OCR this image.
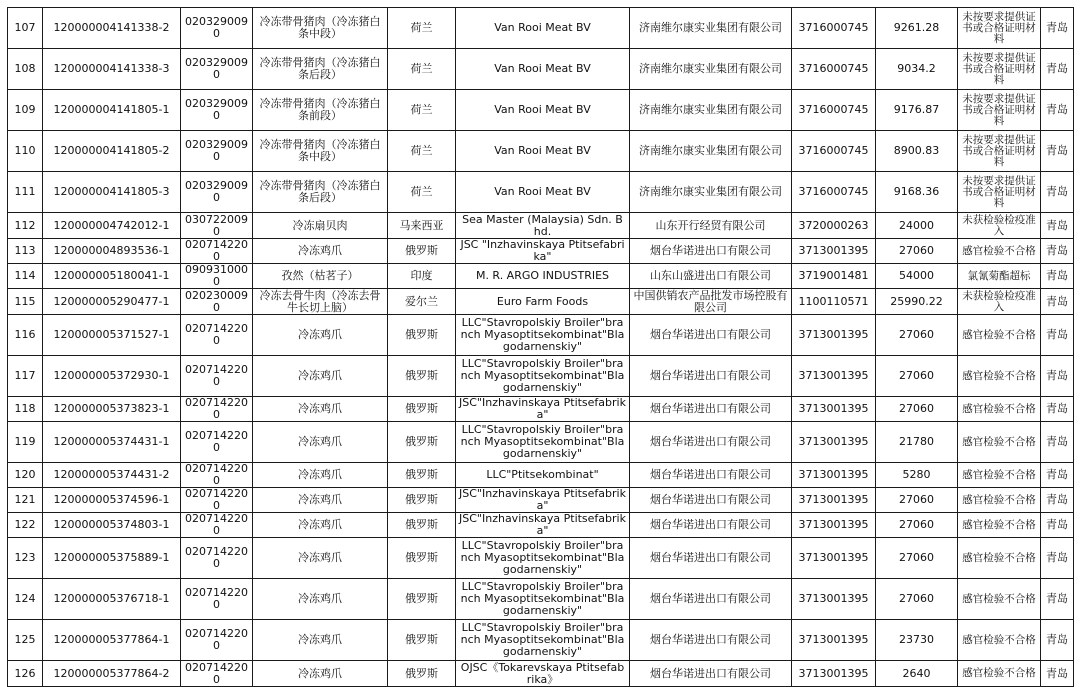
107	120000004141338-2	0203290090	冷冻带骨猪肉（冷冻猪白条中段）	荷兰	Van Rooi Meat BV	济南维尔康实业集团有限公司	3716000745	9261.28	未按要求提供证书或合格证明材料	青岛
108	120000004141338-3	0203290090	冷冻带骨猪肉（冷冻猪白条后段）	荷兰	Van Rooi Meat BV	济南维尔康实业集团有限公司	3716000745	9034.2	未按要求提供证书或合格证明材料	青岛
109	120000004141805-1	0203290090	冷冻带骨猪肉（冷冻猪白条前段）	荷兰	Van Rooi Meat BV	济南维尔康实业集团有限公司	3716000745	9176.87	未按要求提供证书或合格证明材料	青岛
110	120000004141805-2	0203290090	冷冻带骨猪肉（冷冻猪白条中段）	荷兰	Van Rooi Meat BV	济南维尔康实业集团有限公司	3716000745	8900.83	未按要求提供证书或合格证明材料	青岛
111	120000004141805-3	0203290090	冷冻带骨猪肉（冷冻猪白条后段）	荷兰	Van Rooi Meat BV	济南维尔康实业集团有限公司	3716000745	9168.36	未按要求提供证书或合格证明材料	青岛
112	120000004742012-1	0307220090	冷冻扇贝肉	马来西亚	Sea Master (Malaysia) Sdn. Bhd.	山东开行经贸有限公司	3720000263	24000	未获检验检疫准入	青岛
113	120000004893536-1	0207142200	冷冻鸡爪	俄罗斯	JSC "Inzhavinskaya Ptitsefabrika"	烟台华诺进出口有限公司	3713001395	27060	感官检验不合格	青岛
114	120000005180041-1	0909310000	孜然（枯茗子）	印度	M. R. ARGO INDUSTRIES	山东山盛进出口有限公司	3719001481	54000	氯氰菊酯超标	青岛
115	120000005290477-1	0202300090	冷冻去骨牛肉（冷冻去骨牛长切上脑）	爱尔兰	Euro Farm Foods	中国供销农产品批发市场控股有限公司	1100110571	25990.22	未获检验检疫准入	青岛
116	120000005371527-1	0207142200	冷冻鸡爪	俄罗斯	LLC"Stavropolskiy Broiler"branch Myasoptitsekombinat"Blagodarnenskiy"	烟台华诺进出口有限公司	3713001395	27060	感官检验不合格	青岛
117	120000005372930-1	0207142200	冷冻鸡爪	俄罗斯	LLC"Stavropolskiy Broiler"branch Myasoptitsekombinat"Blagodarnenskiy"	烟台华诺进出口有限公司	3713001395	27060	感官检验不合格	青岛
118	120000005373823-1	0207142200	冷冻鸡爪	俄罗斯	JSC"Inzhavinskaya Ptitsefabrika"	烟台华诺进出口有限公司	3713001395	27060	感官检验不合格	青岛
119	120000005374431-1	0207142200	冷冻鸡爪	俄罗斯	LLC"Stavropolskiy Broiler"branch Myasoptitsekombinat"Blagodarnenskiy"	烟台华诺进出口有限公司	3713001395	21780	感官检验不合格	青岛
120	120000005374431-2	0207142200	冷冻鸡爪	俄罗斯	LLC"Ptitsekombinat"	烟台华诺进出口有限公司	3713001395	5280	感官检验不合格	青岛
121	120000005374596-1	0207142200	冷冻鸡爪	俄罗斯	JSC"Inzhavinskaya Ptitsefabrika"	烟台华诺进出口有限公司	3713001395	27060	感官检验不合格	青岛
122	120000005374803-1	0207142200	冷冻鸡爪	俄罗斯	JSC"Inzhavinskaya Ptitsefabrika"	烟台华诺进出口有限公司	3713001395	27060	感官检验不合格	青岛
123	120000005375889-1	0207142200	冷冻鸡爪	俄罗斯	LLC"Stavropolskiy Broiler"branch Myasoptitsekombinat"Blagodarnenskiy"	烟台华诺进出口有限公司	3713001395	27060	感官检验不合格	青岛
124	120000005376718-1	0207142200	冷冻鸡爪	俄罗斯	LLC"Stavropolskiy Broiler"branch Myasoptitsekombinat"Blagodarnenskiy"	烟台华诺进出口有限公司	3713001395	27060	感官检验不合格	青岛
125	120000005377864-1	0207142200	冷冻鸡爪	俄罗斯	LLC"Stavropolskiy Broiler"branch Myasoptitsekombinat"Blagodarnenskiy"	烟台华诺进出口有限公司	3713001395	23730	感官检验不合格	青岛
126	120000005377864-2	0207142200	冷冻鸡爪	俄罗斯	OJSC《Tokarevskaya Ptitsefabrika》	烟台华诺进出口有限公司	3713001395	2640	感官检验不合格	青岛
